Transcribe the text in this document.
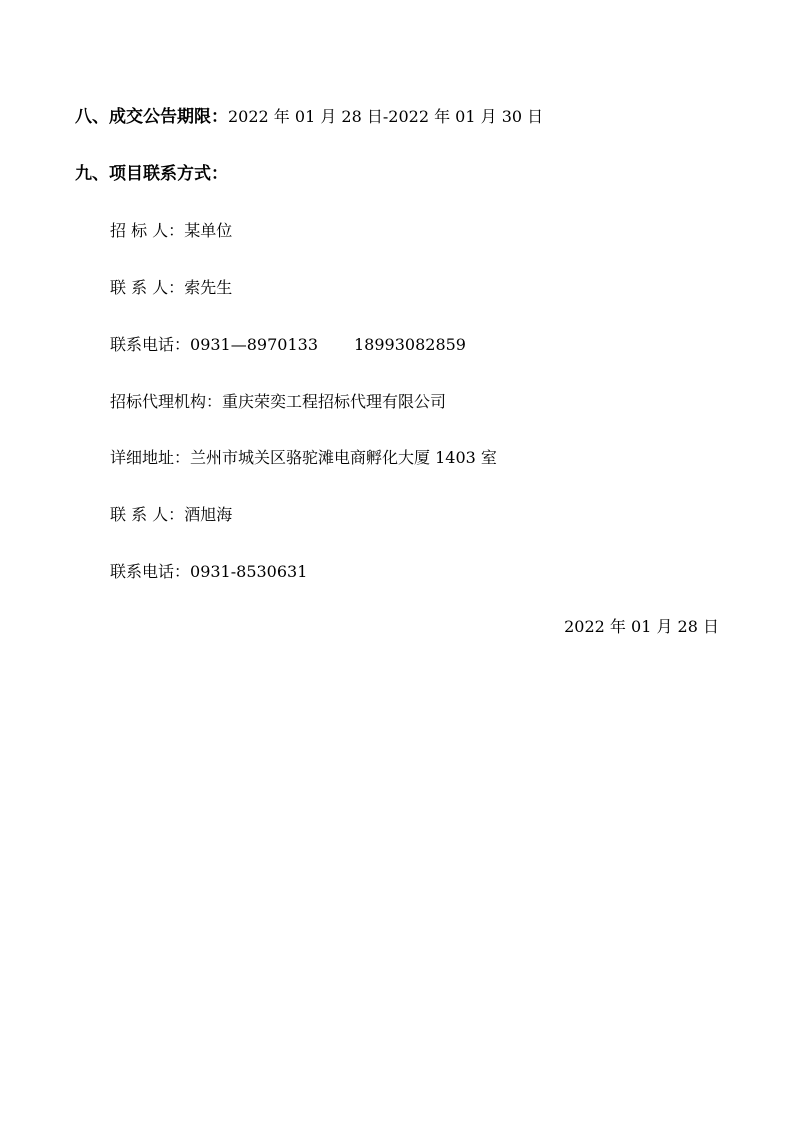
八、成交公告期限：2022 年 01 月 28 日-2022 年 01 月 30 日
九、项目联系方式：
招 标 人：某单位
联 系 人：索先生
联系电话：0931—8970133 18993082859
招标代理机构：重庆荣奕工程招标代理有限公司
详细地址：兰州市城关区骆驼滩电商孵化大厦 1403 室
联 系 人：酒旭海
联系电话：0931-8530631
2022 年 01 月 28 日
